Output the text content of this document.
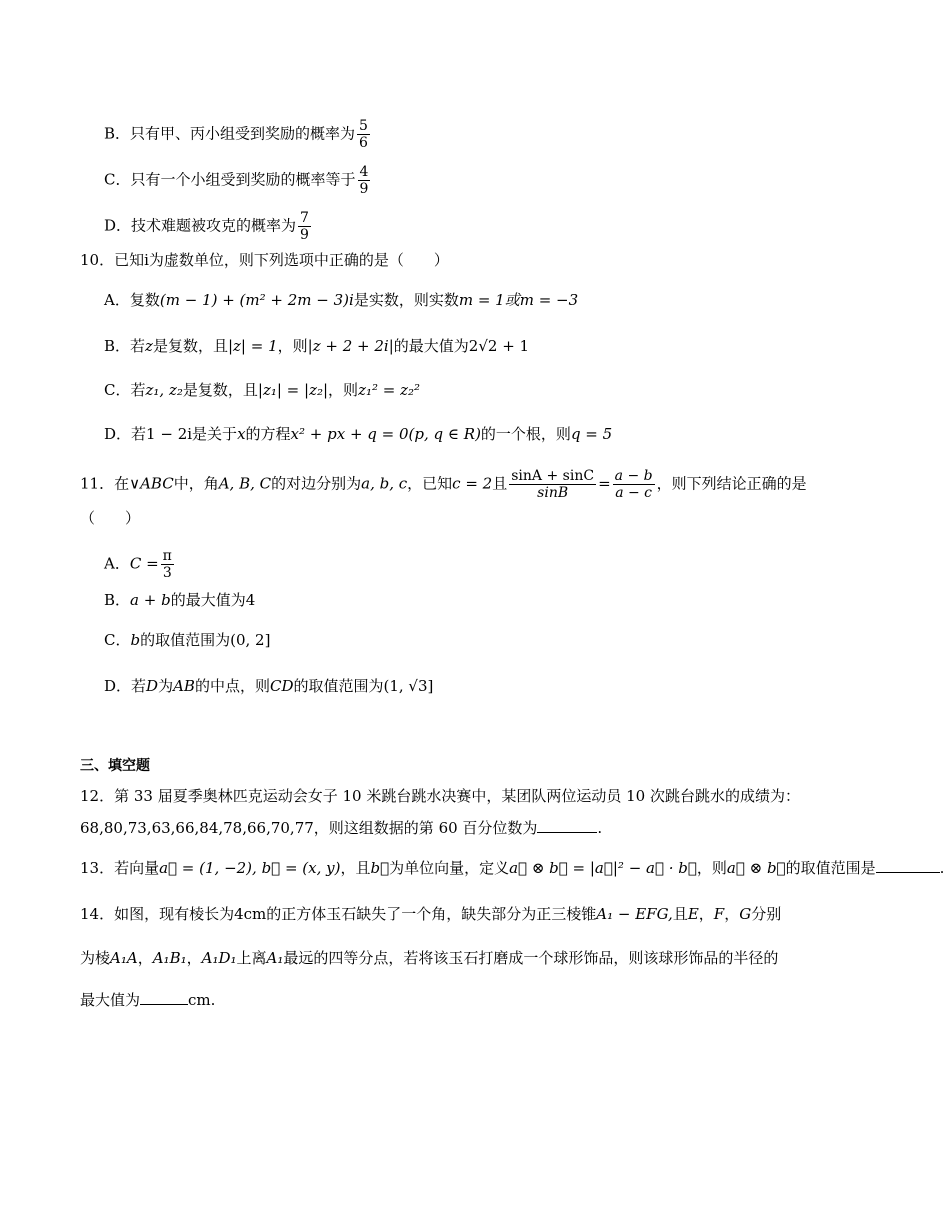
B．只有甲、丙小组受到奖励的概率为 $\frac{5}{6}$
C．只有一个小组受到奖励的概率等于 $\frac{4}{9}$
D．技术难题被攻克的概率为 $\frac{7}{9}$
10．已知i为虚数单位，则下列选项中正确的是（　　）
A．复数(m − 1) + (m² + 2m − 3)i是实数，则实数m = 1或m = −3
B．若z是复数，且|z| = 1，则|z + 2 + 2i|的最大值为2√2 + 1
C．若z₁, z₂是复数，且|z₁| = |z₂|，则z₁² = z₂²
D．若1 − 2i是关于x的方程x² + px + q = 0(p, q ∈ R)的一个根，则q = 5
11．在∨ABC中，角A, B, C的对边分别为a, b, c，已知c = 2且 $\frac{\sin A + \sin C}{\sin B} = \frac{a - b}{a - c}$ ，则下列结论正确的是
（　　）
A．$C = \frac{\pi}{3}$
B．a + b的最大值为4
C．b的取值范围为(0, 2]
D．若D为AB的中点，则CD的取值范围为(1, √3]
三、填空题
12．第 33 届夏季奥林匹克运动会女子 10 米跳台跳水决赛中，某团队两位运动员 10 次跳台跳水的成绩为：
68,80,73,63,66,84,78,66,70,77，则这组数据的第 60 百分位数为	.
13．若向量a⃗ = (1, −2), b⃗ = (x, y)，且b⃗为单位向量，定义a⃗ ⊗ b⃗ = |a⃗|² − a⃗ · b⃗，则a⃗ ⊗ b⃗的取值范围是	.
14．如图，现有棱长为4cm的正方体玉石缺失了一个角，缺失部分为正三棱锥A₁ − EFG,且E，F，G分别
为棱A₁A，A₁B₁，A₁D₁上离A₁最远的四等分点，若将该玉石打磨成一个球形饰品，则该球形饰品的半径的
最大值为	cm.
